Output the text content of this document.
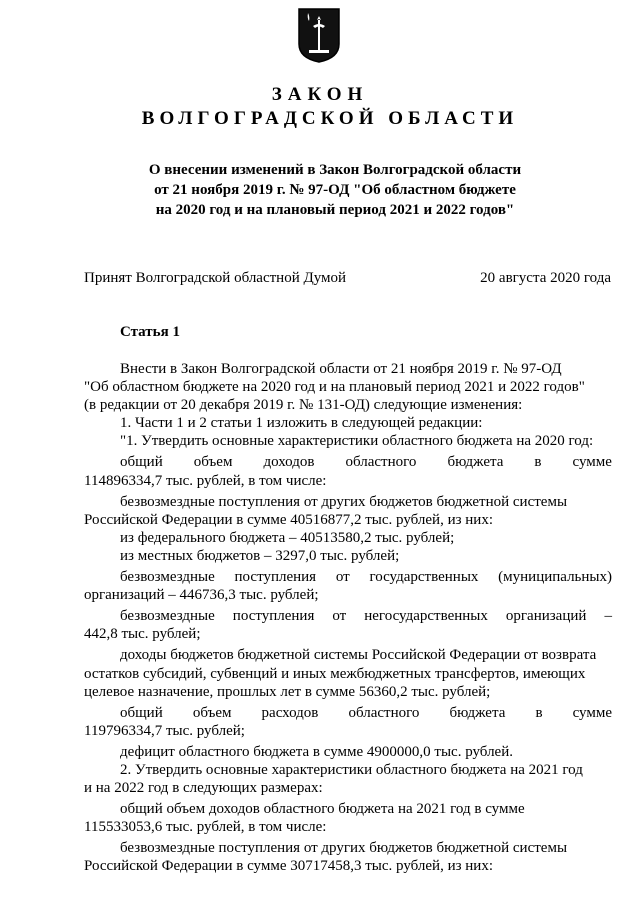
ЗАКОН
ВОЛГОГРАДСКОЙ ОБЛАСТИ
О внесении изменений в Закон Волгоградской области
от 21 ноября 2019 г. № 97-ОД "Об областном бюджете
на 2020 год и на плановый период 2021 и 2022 годов"
Принят Волгоградской областной Думой	20 августа 2020 года
Статья 1
Внести в Закон Волгоградской области от 21 ноября 2019 г. № 97-ОД
"Об областном бюджете на 2020 год и на плановый период 2021 и 2022 годов"
(в редакции от 20 декабря 2019 г. № 131-ОД) следующие изменения:
1. Части 1 и 2 статьи 1 изложить в следующей редакции:
"1. Утвердить основные характеристики областного бюджета на 2020 год:
общий объем доходов областного бюджета в сумме
114896334,7 тыс. рублей, в том числе:
безвозмездные поступления от других бюджетов бюджетной системы
Российской Федерации в сумме 40516877,2 тыс. рублей, из них:
из федерального бюджета – 40513580,2 тыс. рублей;
из местных бюджетов – 3297,0 тыс. рублей;
безвозмездные поступления от государственных (муниципальных)
организаций – 446736,3 тыс. рублей;
безвозмездные поступления от негосударственных организаций –
442,8 тыс. рублей;
доходы бюджетов бюджетной системы Российской Федерации от возврата
остатков субсидий, субвенций и иных межбюджетных трансфертов, имеющих
целевое назначение, прошлых лет в сумме 56360,2 тыс. рублей;
общий объем расходов областного бюджета в сумме
119796334,7 тыс. рублей;
дефицит областного бюджета в сумме 4900000,0 тыс. рублей.
2. Утвердить основные характеристики областного бюджета на 2021 год
и на 2022 год в следующих размерах:
общий объем доходов областного бюджета на 2021 год в сумме
115533053,6 тыс. рублей, в том числе:
безвозмездные поступления от других бюджетов бюджетной системы
Российской Федерации в сумме 30717458,3 тыс. рублей, из них:
